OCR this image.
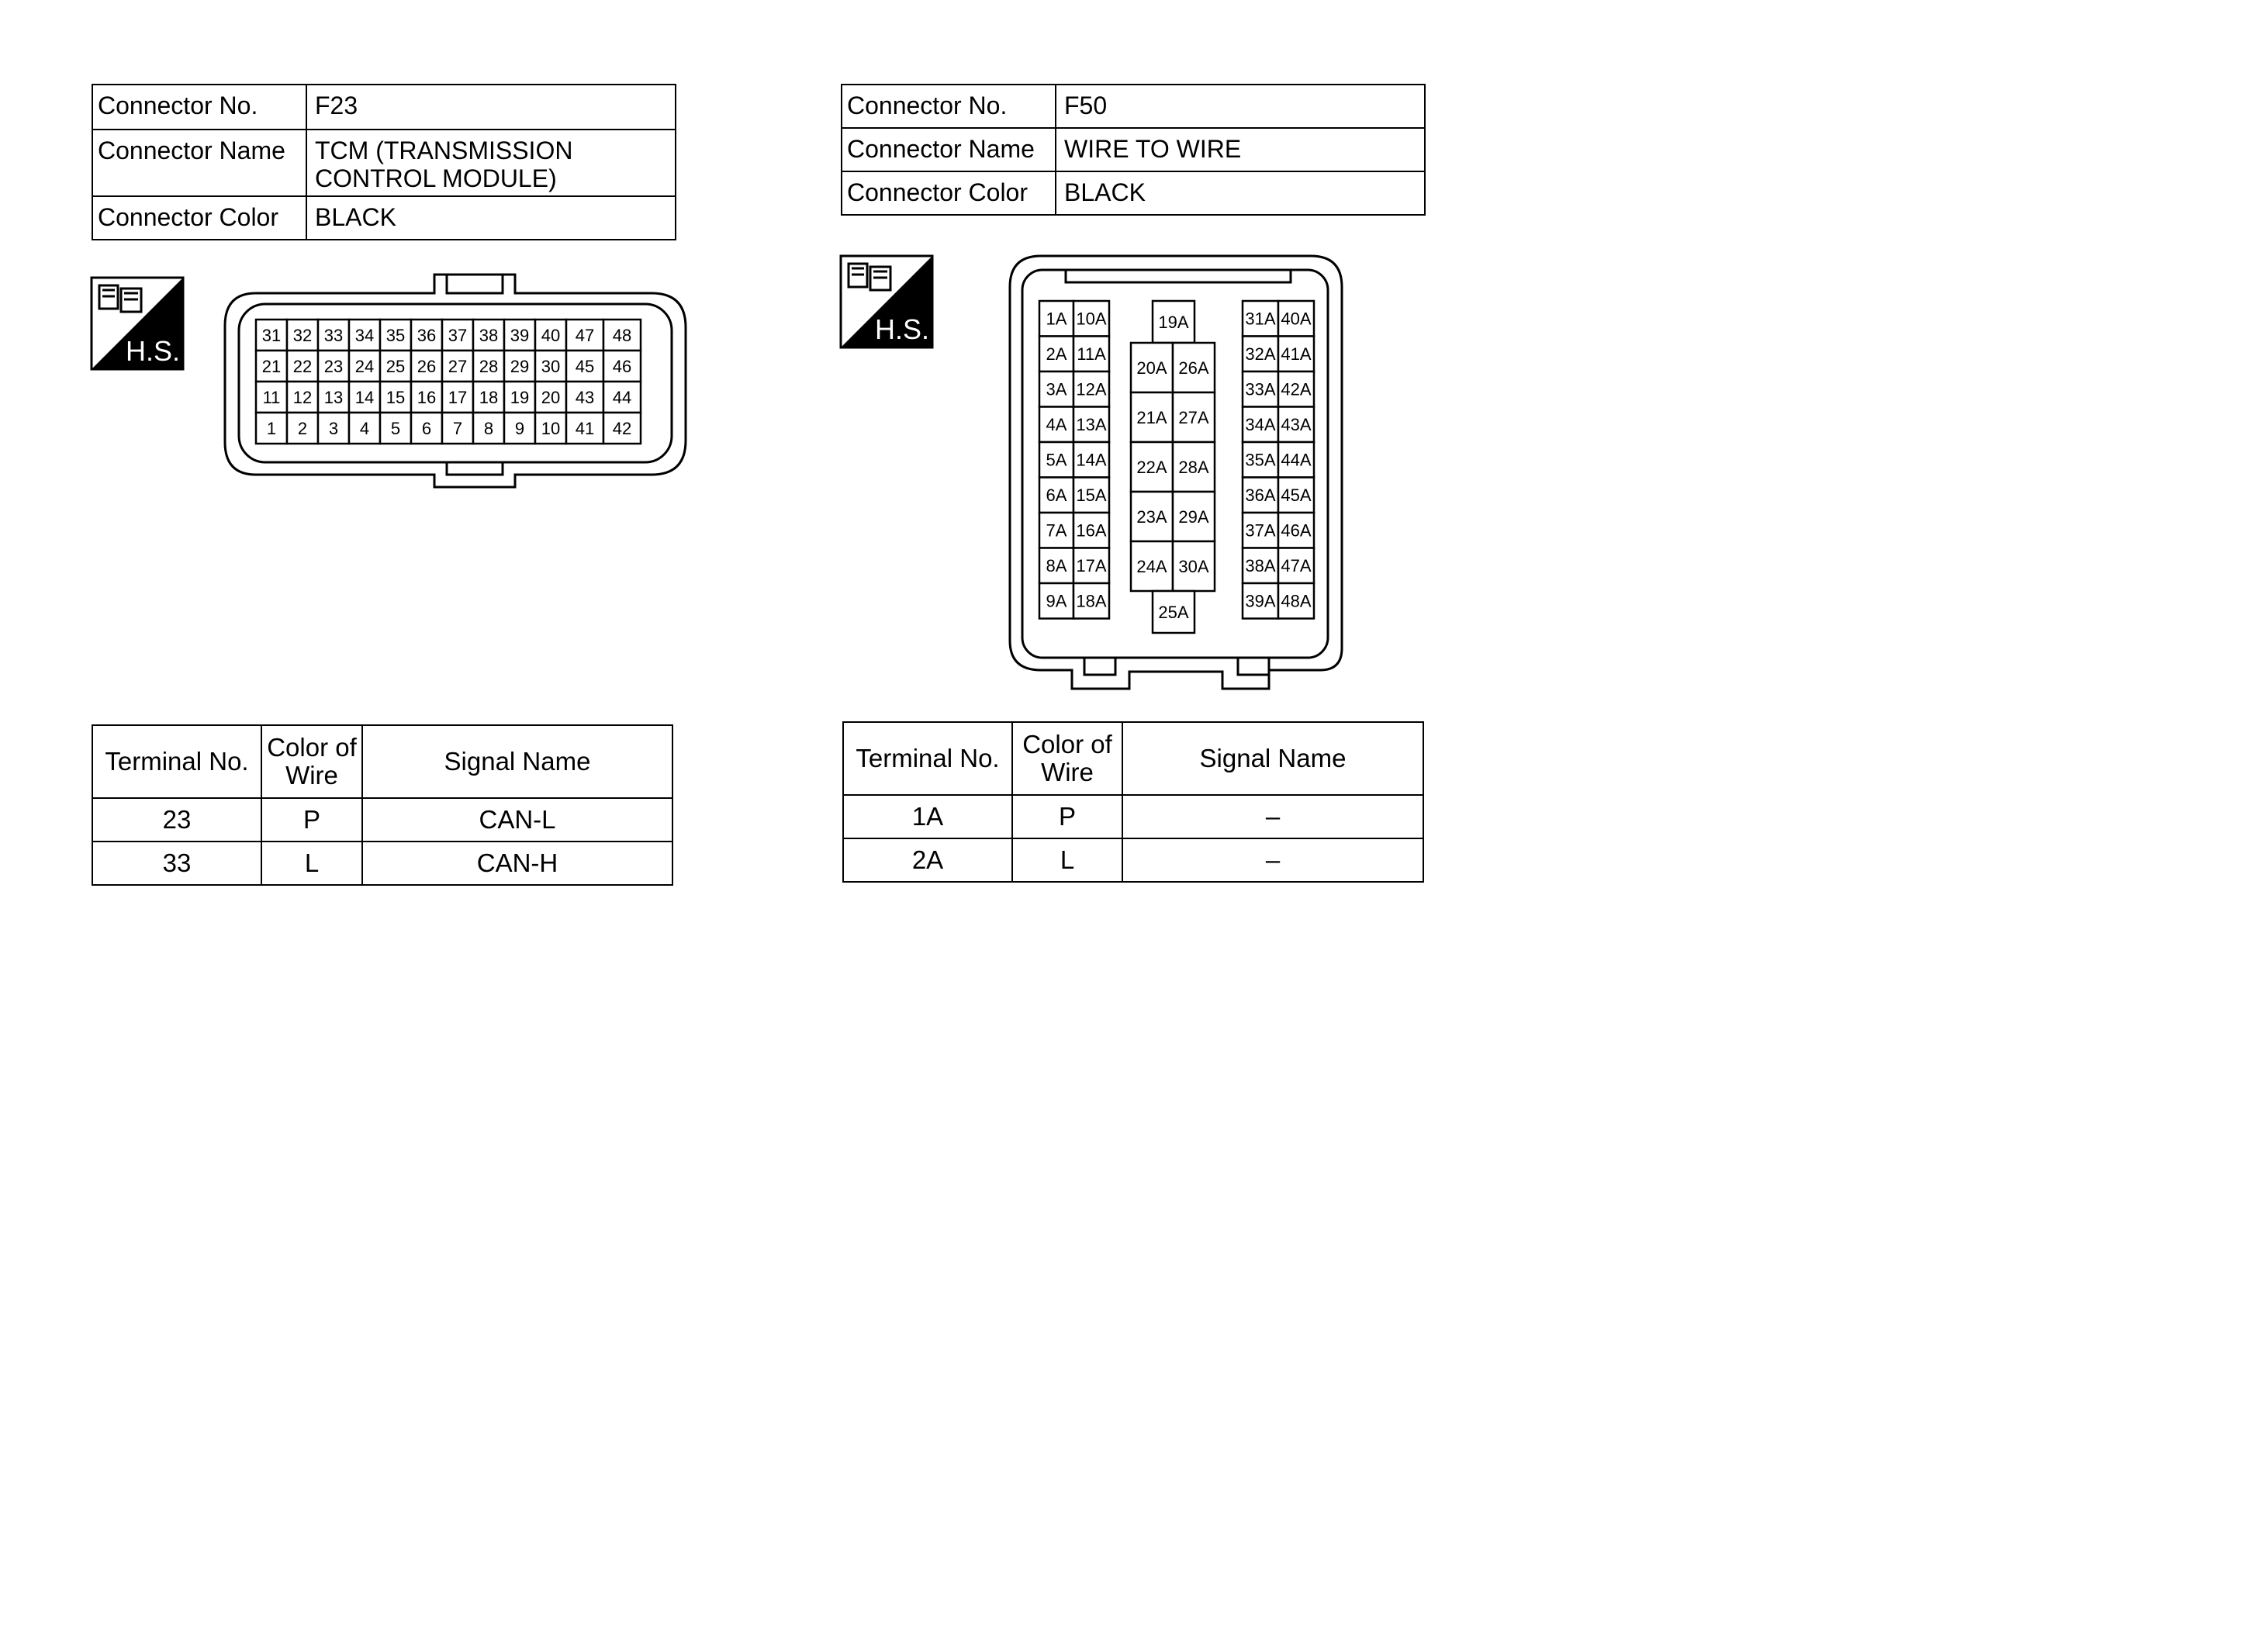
Connector No.	F23
Connector Name	TCM (TRANSMISSION CONTROL MODULE)
Connector Color	BLACK
Connector No.	F50
Connector Name	WIRE TO WIRE
Connector Color	BLACK
31 32 33 34 35 36 37 38 39 40 47 48
21 22 23 24 25 26 27 28 29 30 45 46
11 12 13 14 15 16 17 18 19 20 43 44
1 2 3 4 5 6 7 8 9 10 41 42
1A 10A
2A 11A
3A 12A
4A 13A
5A 14A
6A 15A
7A 16A
8A 17A
9A 18A
31A 40A
32A 41A
33A 42A
34A 43A
35A 44A
36A 45A
37A 46A
38A 47A
39A 48A
19A
20A 26A
21A 27A
22A 28A
23A 29A
24A 30A
25A
H.S.
H.S.
Terminal No.	Color of Wire	Signal Name
23	P	CAN-L
33	L	CAN-H
Terminal No.	Color of Wire	Signal Name
1A	P	–
2A	L	–
